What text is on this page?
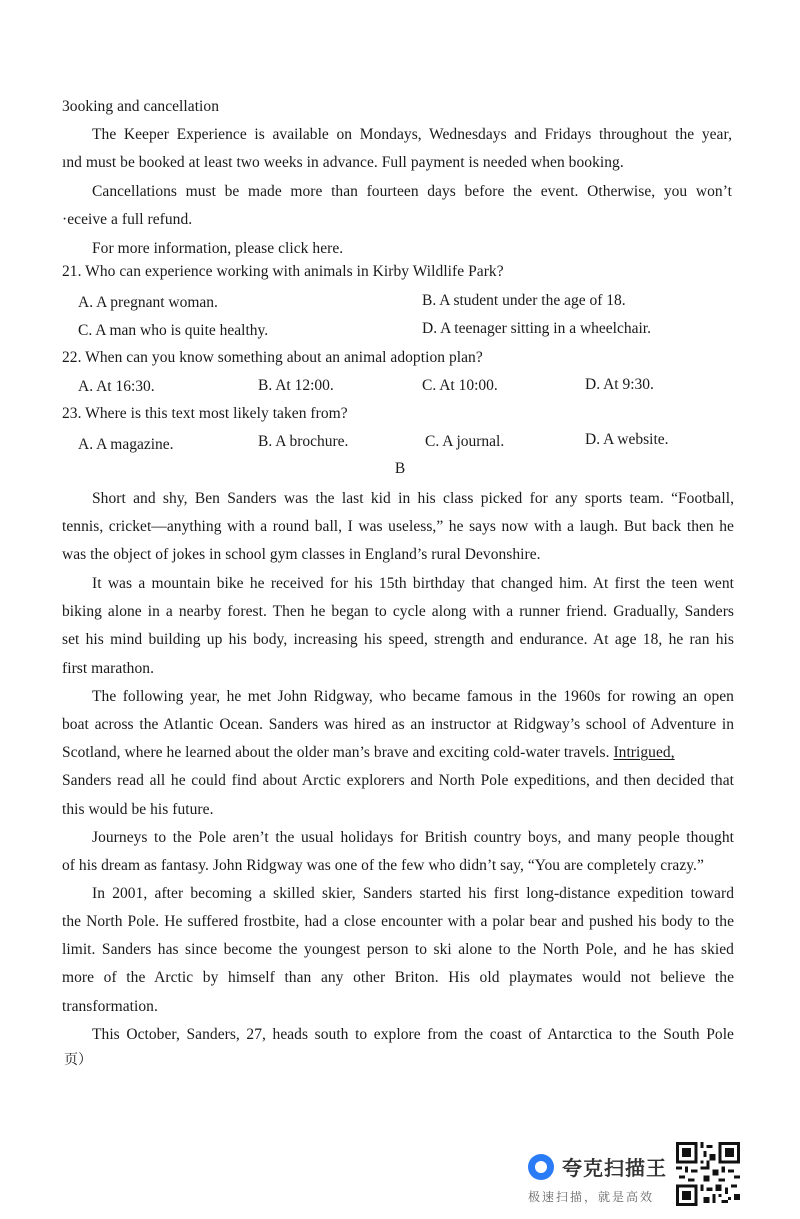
3ooking and cancellation
The Keeper Experience is available on Mondays, Wednesdays and Fridays throughout the year,
ınd must be booked at least two weeks in advance. Full payment is needed when booking.
Cancellations must be made more than fourteen days before the event. Otherwise, you won’t
·eceive a full refund.
For more information, please click here.
21. Who can experience working with animals in Kirby Wildlife Park?
A. A pregnant woman.	B. A student under the age of 18.
C. A man who is quite healthy.	D. A teenager sitting in a wheelchair.
22. When can you know something about an animal adoption plan?
A. At 16:30.	B. At 12:00.	C. At 10:00.	D. At 9:30.
23. Where is this text most likely taken from?
A. A magazine.	B. A brochure.	C. A journal.	D. A website.
B
Short and shy, Ben Sanders was the last kid in his class picked for any sports team. “Football,
tennis, cricket—anything with a round ball, I was useless,” he says now with a laugh. But back then he
was the object of jokes in school gym classes in England’s rural Devonshire.
It was a mountain bike he received for his 15th birthday that changed him. At first the teen went
biking alone in a nearby forest. Then he began to cycle along with a runner friend. Gradually, Sanders
set his mind building up his body, increasing his speed, strength and endurance. At age 18, he ran his
first marathon.
The following year, he met John Ridgway, who became famous in the 1960s for rowing an open
boat across the Atlantic Ocean. Sanders was hired as an instructor at Ridgway’s school of Adventure in
Scotland, where he learned about the older man’s brave and exciting cold-water travels. Intrigued,
Sanders read all he could find about Arctic explorers and North Pole expeditions, and then decided that
this would be his future.
Journeys to the Pole aren’t the usual holidays for British country boys, and many people thought
of his dream as fantasy. John Ridgway was one of the few who didn’t say, “You are completely crazy.”
In 2001, after becoming a skilled skier, Sanders started his first long-distance expedition toward
the North Pole. He suffered frostbite, had a close encounter with a polar bear and pushed his body to the
limit. Sanders has since become the youngest person to ski alone to the North Pole, and he has skied
more of the Arctic by himself than any other Briton. His old playmates would not believe the
transformation.
This October, Sanders, 27, heads south to explore from the coast of Antarctica to the South Pole
页）
夸克扫描王
极速扫描，就是高效
